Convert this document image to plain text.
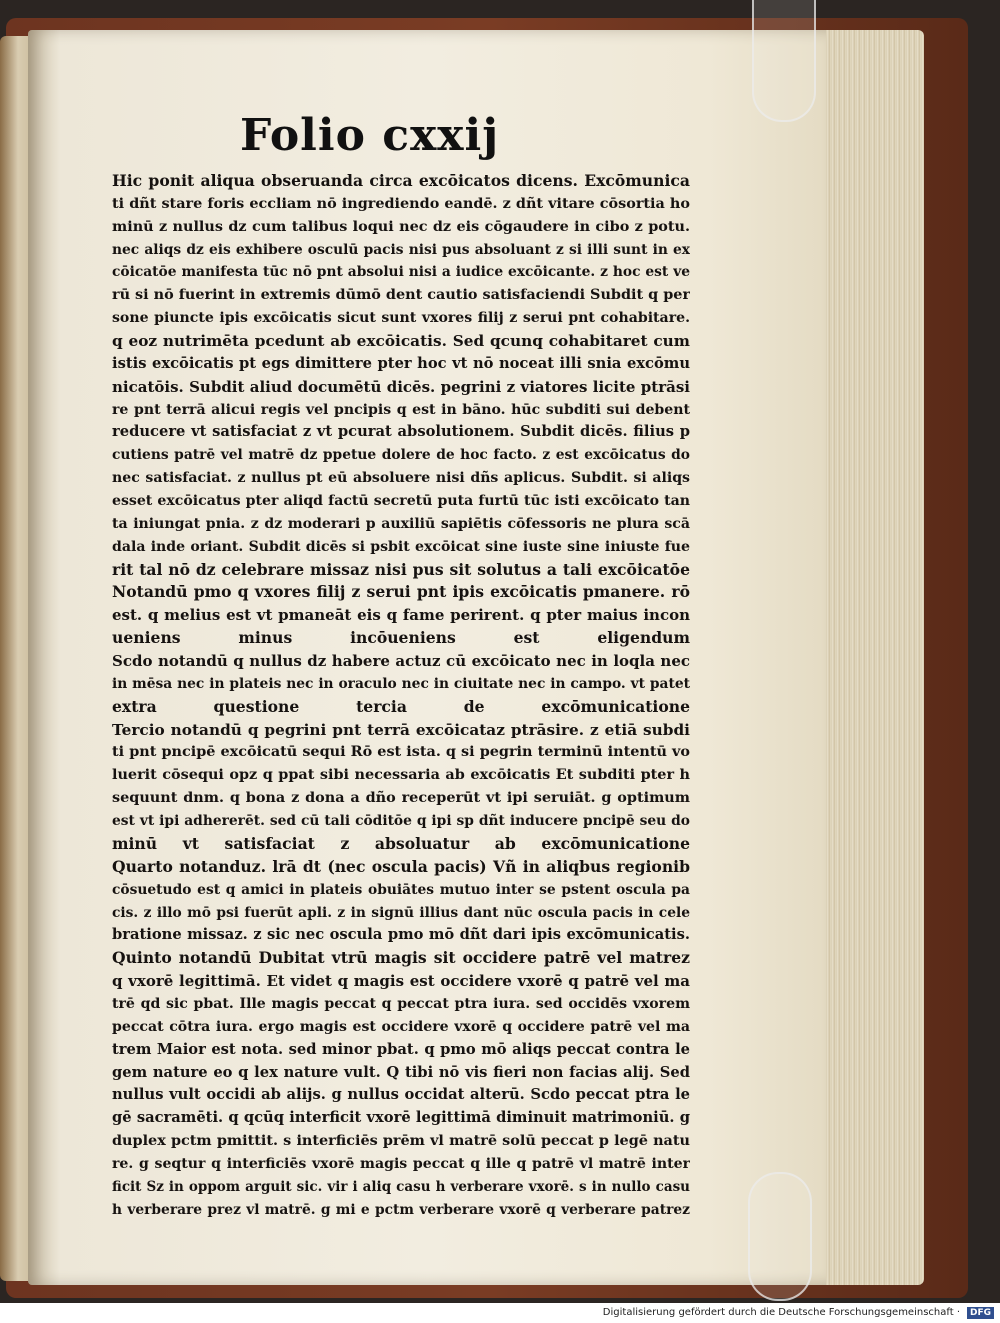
Folio cxxij
Hic ponit aliqua obseruanda circa excōicatos dicens. Excōmunica
ti dñt stare foris eccliam nō ingrediendo eandē. z dñt vitare cōsortia ho
minū z nullus dz cum talibus loqui nec dz eis cōgaudere in cibo z potu.
nec aliqs dz eis exhibere osculū pacis nisi pus absoluant z si illi sunt in ex
cōicatōe manifesta tūc nō pnt absolui nisi a iudice excōicante. z hoc est ve
rū si nō fuerint in extremis dūmō dent cautio satisfaciendi Subdit q per
sone piuncte ipis excōicatis sicut sunt vxores filij z serui pnt cohabitare.
q eoz nutrimēta pcedunt ab excōicatis. Sed qcunq cohabitaret cum
istis excōicatis pt egs dimittere pter hoc vt nō noceat illi snia excōmu
nicatōis. Subdit aliud documētū dicēs. pegrini z viatores licite ptrāsi
re pnt terrā alicui regis vel pncipis q est in bāno. hūc subditi sui debent
reducere vt satisfaciat z vt pcurat absolutionem. Subdit dicēs. filius p
cutiens patrē vel matrē dz ppetue dolere de hoc facto. z est excōicatus do
nec satisfaciat. z nullus pt eū absoluere nisi dñs aplicus. Subdit. si aliqs
esset excōicatus pter aliqd factū secretū puta furtū tūc isti excōicato tan
ta iniungat pnia. z dz moderari p auxiliū sapiētis cōfessoris ne plura scā
dala inde oriant. Subdit dicēs si psbit excōicat sine iuste sine iniuste fue
rit tal nō dz celebrare missaz nisi pus sit solutus a tali excōicatōe
Notandū pmo q vxores filij z serui pnt ipis excōicatis pmanere. rō
est. q melius est vt pmaneāt eis q fame perirent. q pter maius incon
ueniens minus incōueniens est eligendum
Scdo notandū q nullus dz habere actuz cū excōicato nec in loqla nec
in mēsa nec in plateis nec in oraculo nec in ciuitate nec in campo. vt patet
extra questione tercia de excōmunicatione
Tercio notandū q pegrini pnt terrā excōicataz ptrāsire. z etiā subdi
ti pnt pncipē excōicatū sequi Rō est ista. q si pegrin terminū intentū vo
luerit cōsequi opz q ppat sibi necessaria ab excōicatis Et subditi pter h
sequunt dnm. q bona z dona a dño receperūt vt ipi seruiāt. g optimum
est vt ipi adhererēt. sed cū tali cōditōe q ipi sp dñt inducere pncipē seu do
minū vt satisfaciat z absoluatur ab excōmunicatione
Quarto notanduz. lrā dt (nec oscula pacis) Vñ in aliqbus regionib
cōsuetudo est q amici in plateis obuiātes mutuo inter se pstent oscula pa
cis. z illo mō psi fuerūt apli. z in signū illius dant nūc oscula pacis in cele
bratione missaz. z sic nec oscula pmo mō dñt dari ipis excōmunicatis.
Quinto notandū Dubitat vtrū magis sit occidere patrē vel matrez
q vxorē legittimā. Et videt q magis est occidere vxorē q patrē vel ma
trē qd sic pbat. Ille magis peccat q peccat ptra iura. sed occidēs vxorem
peccat cōtra iura. ergo magis est occidere vxorē q occidere patrē vel ma
trem Maior est nota. sed minor pbat. q pmo mō aliqs peccat contra le
gem nature eo q lex nature vult. Q tibi nō vis fieri non facias alij. Sed
nullus vult occidi ab alijs. g nullus occidat alterū. Scdo peccat ptra le
gē sacramēti. q qcūq interficit vxorē legittimā diminuit matrimoniū. g
duplex pctm pmittit. s interficiēs prēm vl matrē solū peccat p legē natu
re. g seqtur q interficiēs vxorē magis peccat q ille q patrē vl matrē inter
ficit Sz in oppom arguit sic. vir i aliq casu h verberare vxorē. s in nullo casu
h verberare prez vl matrē. g mi e pctm verberare vxorē q verberare patrez
Digitalisierung gefördert durch die Deutsche Forschungsgemeinschaft ·	DFG
